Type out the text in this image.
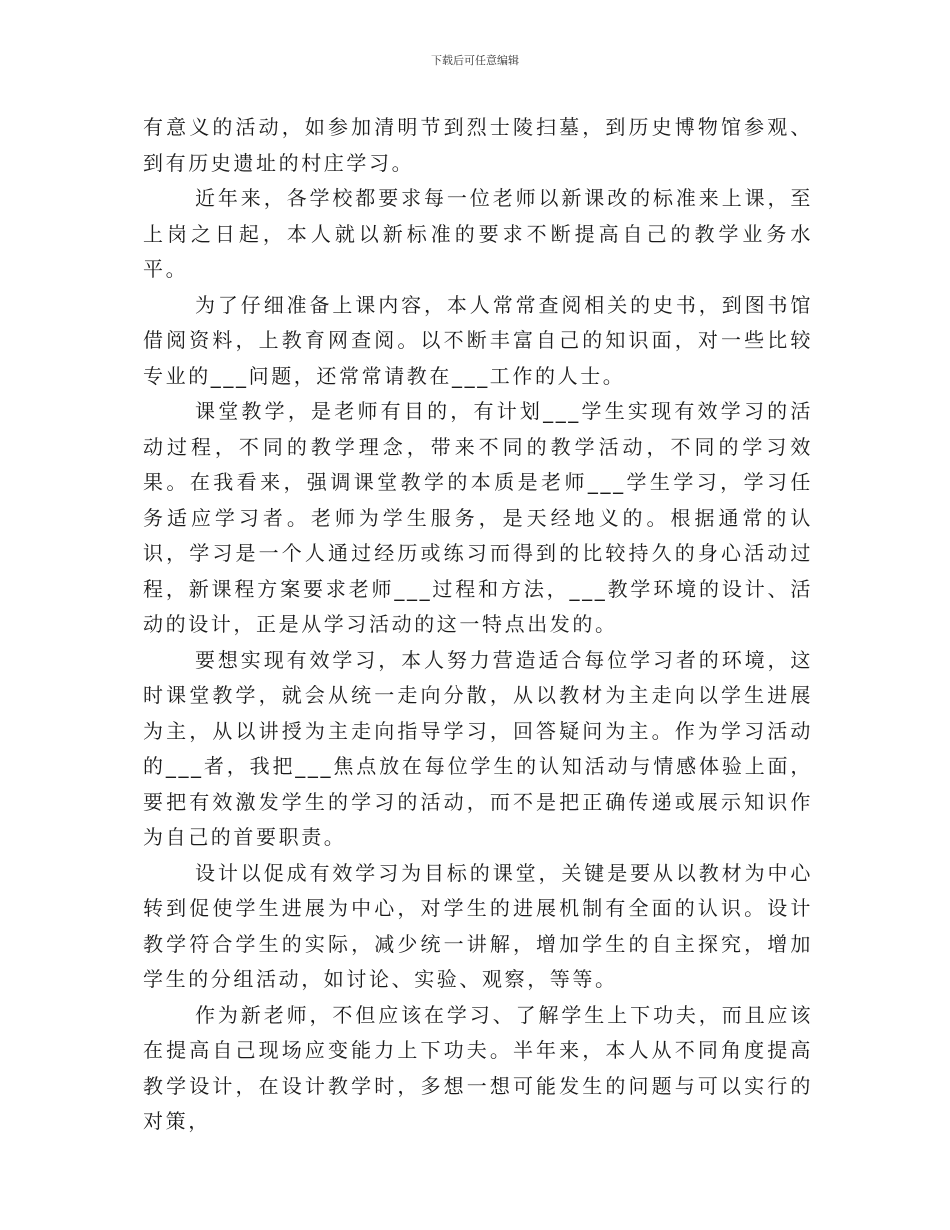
下载后可任意编辑

有意义的活动，如参加清明节到烈士陵扫墓，到历史博物馆参观、到有历史遗址的村庄学习。

近年来，各学校都要求每一位老师以新课改的标准来上课，至上岗之日起，本人就以新标准的要求不断提高自己的教学业务水平。

为了仔细准备上课内容，本人常常查阅相关的史书，到图书馆借阅资料，上教育网查阅。以不断丰富自己的知识面，对一些比较专业的___问题，还常常请教在___工作的人士。

课堂教学，是老师有目的，有计划___学生实现有效学习的活动过程，不同的教学理念，带来不同的教学活动，不同的学习效果。在我看来，强调课堂教学的本质是老师___学生学习，学习任务适应学习者。老师为学生服务，是天经地义的。根据通常的认识，学习是一个人通过经历或练习而得到的比较持久的身心活动过程，新课程方案要求老师___过程和方法，___教学环境的设计、活动的设计，正是从学习活动的这一特点出发的。

要想实现有效学习，本人努力营造适合每位学习者的环境，这时课堂教学，就会从统一走向分散，从以教材为主走向以学生进展为主，从以讲授为主走向指导学习，回答疑问为主。作为学习活动的___者，我把___焦点放在每位学生的认知活动与情感体验上面，要把有效激发学生的学习的活动，而不是把正确传递或展示知识作为自己的首要职责。

设计以促成有效学习为目标的课堂，关键是要从以教材为中心转到促使学生进展为中心，对学生的进展机制有全面的认识。设计教学符合学生的实际，减少统一讲解，增加学生的自主探究，增加学生的分组活动，如讨论、实验、观察，等等。

作为新老师，不但应该在学习、了解学生上下功夫，而且应该在提高自己现场应变能力上下功夫。半年来，本人从不同角度提高教学设计，在设计教学时，多想一想可能发生的问题与可以实行的对策，
